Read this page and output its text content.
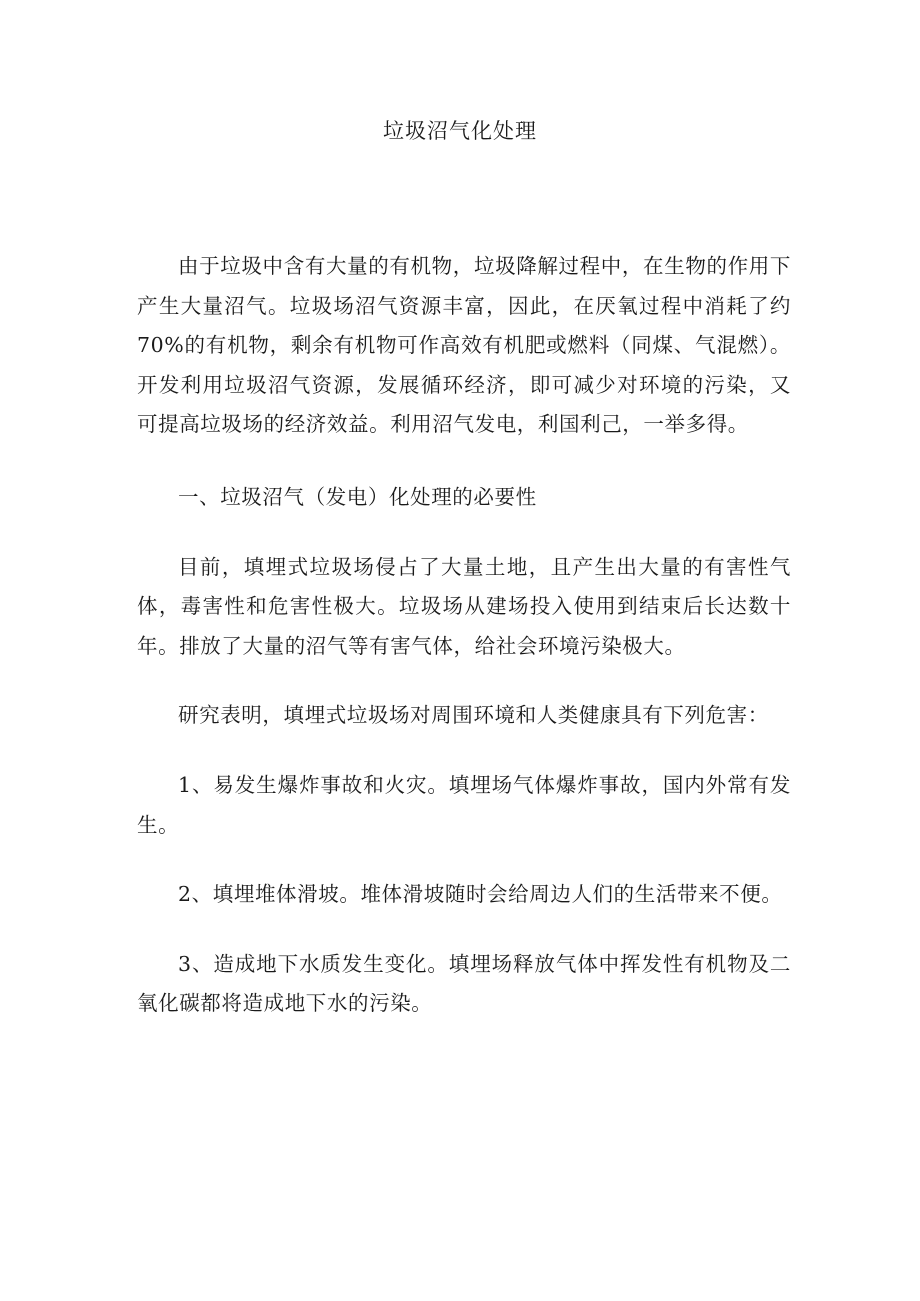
垃圾沼气化处理

由于垃圾中含有大量的有机物，垃圾降解过程中，在生物的作用下产生大量沼气。垃圾场沼气资源丰富，因此，在厌氧过程中消耗了约70%的有机物，剩余有机物可作高效有机肥或燃料（同煤、气混燃）。开发利用垃圾沼气资源，发展循环经济，即可减少对环境的污染，又可提高垃圾场的经济效益。利用沼气发电，利国利己，一举多得。

一、垃圾沼气（发电）化处理的必要性

目前，填埋式垃圾场侵占了大量土地，且产生出大量的有害性气体，毒害性和危害性极大。垃圾场从建场投入使用到结束后长达数十年。排放了大量的沼气等有害气体，给社会环境污染极大。

研究表明，填埋式垃圾场对周围环境和人类健康具有下列危害：

1、易发生爆炸事故和火灾。填埋场气体爆炸事故，国内外常有发生。

2、填埋堆体滑坡。堆体滑坡随时会给周边人们的生活带来不便。

3、造成地下水质发生变化。填埋场释放气体中挥发性有机物及二氧化碳都将造成地下水的污染。
